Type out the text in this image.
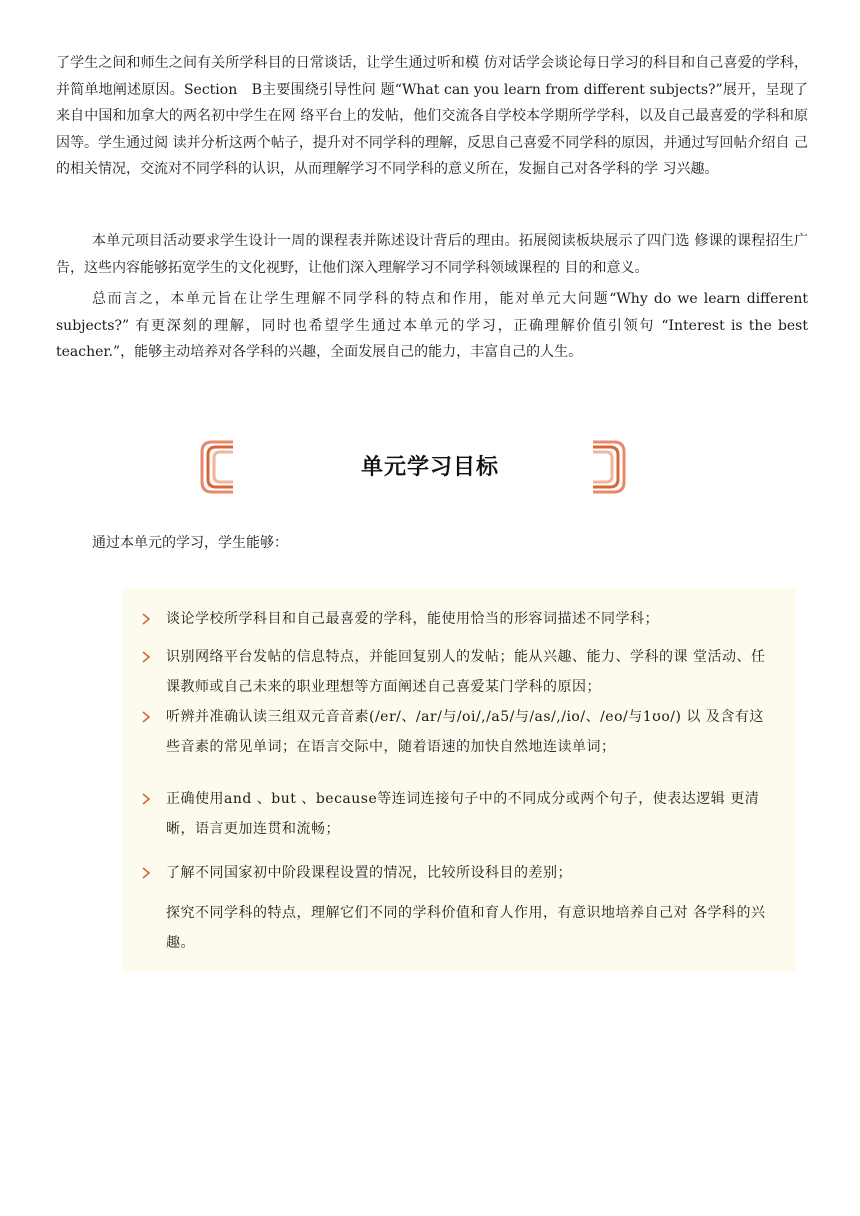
了学生之间和师生之间有关所学科目的日常谈话，让学生通过听和模 仿对话学会谈论每日学习的科目和自己喜爱的学科，并简单地阐述原因。Section　B主要围绕引导性问 题“What can you learn from different subjects?”展开，呈现了来自中国和加拿大的两名初中学生在网 络平台上的发帖，他们交流各自学校本学期所学学科，以及自己最喜爱的学科和原因等。学生通过阅 读并分析这两个帖子，提升对不同学科的理解，反思自己喜爱不同学科的原因，并通过写回帖介绍自 己的相关情况，交流对不同学科的认识，从而理解学习不同学科的意义所在，发掘自己对各学科的学 习兴趣。

本单元项目活动要求学生设计一周的课程表并陈述设计背后的理由。拓展阅读板块展示了四门选 修课的课程招生广告，这些内容能够拓宽学生的文化视野，让他们深入理解学习不同学科领域课程的 目的和意义。

总而言之，本单元旨在让学生理解不同学科的特点和作用，能对单元大问题“Why do we learn different subjects?” 有更深刻的理解，同时也希望学生通过本单元的学习，正确理解价值引领句 “Interest is the best teacher.”，能够主动培养对各学科的兴趣，全面发展自己的能力，丰富自己的人生。

单元学习目标

通过本单元的学习，学生能够：

谈论学校所学科目和自己最喜爱的学科，能使用恰当的形容词描述不同学科；
识别网络平台发帖的信息特点，并能回复别人的发帖；能从兴趣、能力、学科的课 堂活动、任课教师或自己未来的职业理想等方面阐述自己喜爱某门学科的原因；
听辨并准确认读三组双元音音素(/er/、/ar/与/oi/,/a5/与/as/,/io/、/eo/与1ʊo/) 以 及含有这些音素的常见单词；在语言交际中，随着语速的加快自然地连读单词；
正确使用and 、but 、because等连词连接句子中的不同成分或两个句子，使表达逻辑 更清晰，语言更加连贯和流畅；
了解不同国家初中阶段课程设置的情况，比较所设科目的差别；
探究不同学科的特点，理解它们不同的学科价值和育人作用，有意识地培养自己对 各学科的兴趣。
